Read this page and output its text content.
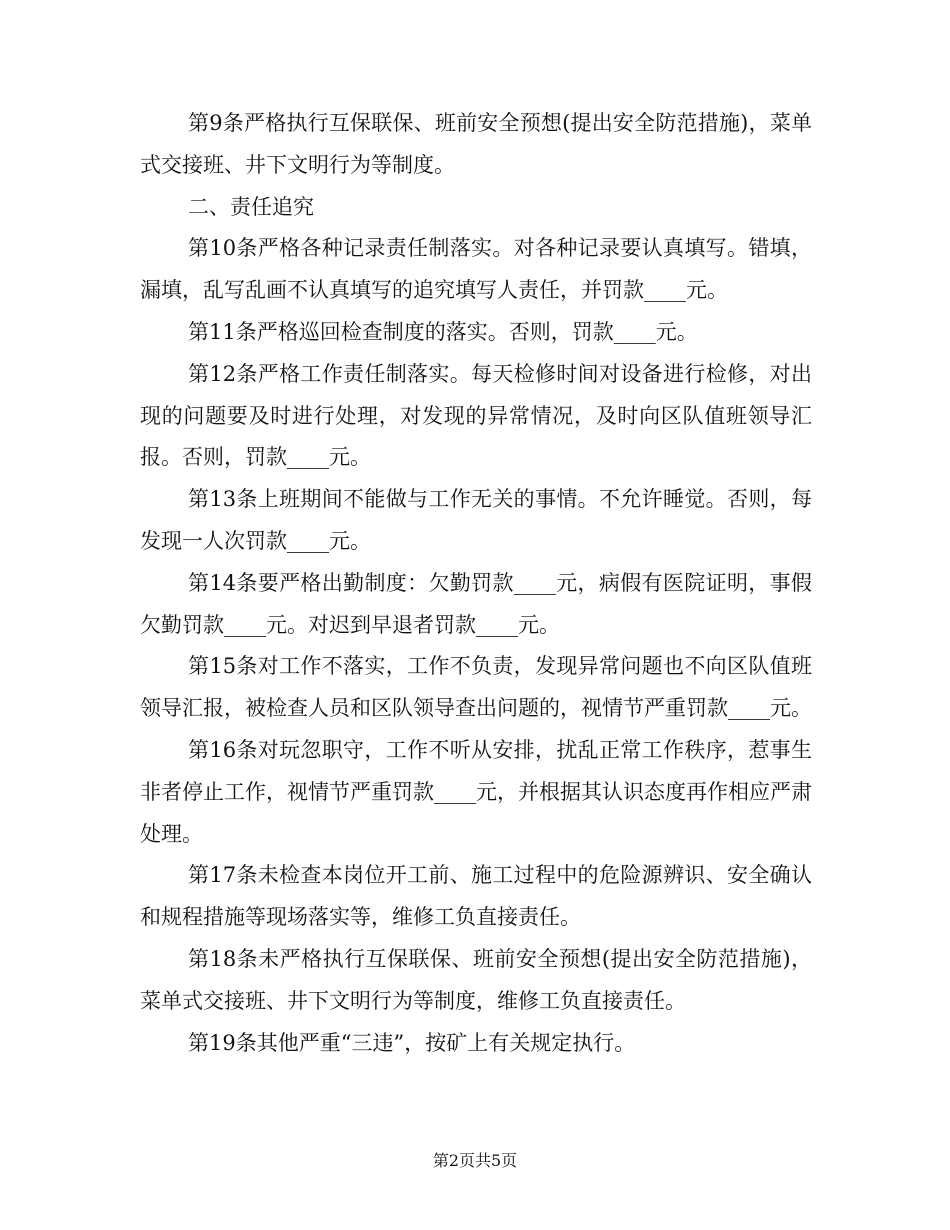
第9条严格执行互保联保、班前安全预想(提出安全防范措施)，菜单式交接班、井下文明行为等制度。

二、责任追究

第10条严格各种记录责任制落实。对各种记录要认真填写。错填，漏填，乱写乱画不认真填写的追究填写人责任，并罚款____元。

第11条严格巡回检查制度的落实。否则，罚款____元。

第12条严格工作责任制落实。每天检修时间对设备进行检修，对出现的问题要及时进行处理，对发现的异常情况，及时向区队值班领导汇报。否则，罚款____元。

第13条上班期间不能做与工作无关的事情。不允许睡觉。否则，每发现一人次罚款____元。

第14条要严格出勤制度：欠勤罚款____元，病假有医院证明，事假欠勤罚款____元。对迟到早退者罚款____元。

第15条对工作不落实，工作不负责，发现异常问题也不向区队值班领导汇报，被检查人员和区队领导查出问题的，视情节严重罚款____元。

第16条对玩忽职守，工作不听从安排，扰乱正常工作秩序，惹事生非者停止工作，视情节严重罚款____元，并根据其认识态度再作相应严肃处理。

第17条未检查本岗位开工前、施工过程中的危险源辨识、安全确认和规程措施等现场落实等，维修工负直接责任。

第18条未严格执行互保联保、班前安全预想(提出安全防范措施)，菜单式交接班、井下文明行为等制度，维修工负直接责任。

第19条其他严重“三违”，按矿上有关规定执行。

第2页共5页
